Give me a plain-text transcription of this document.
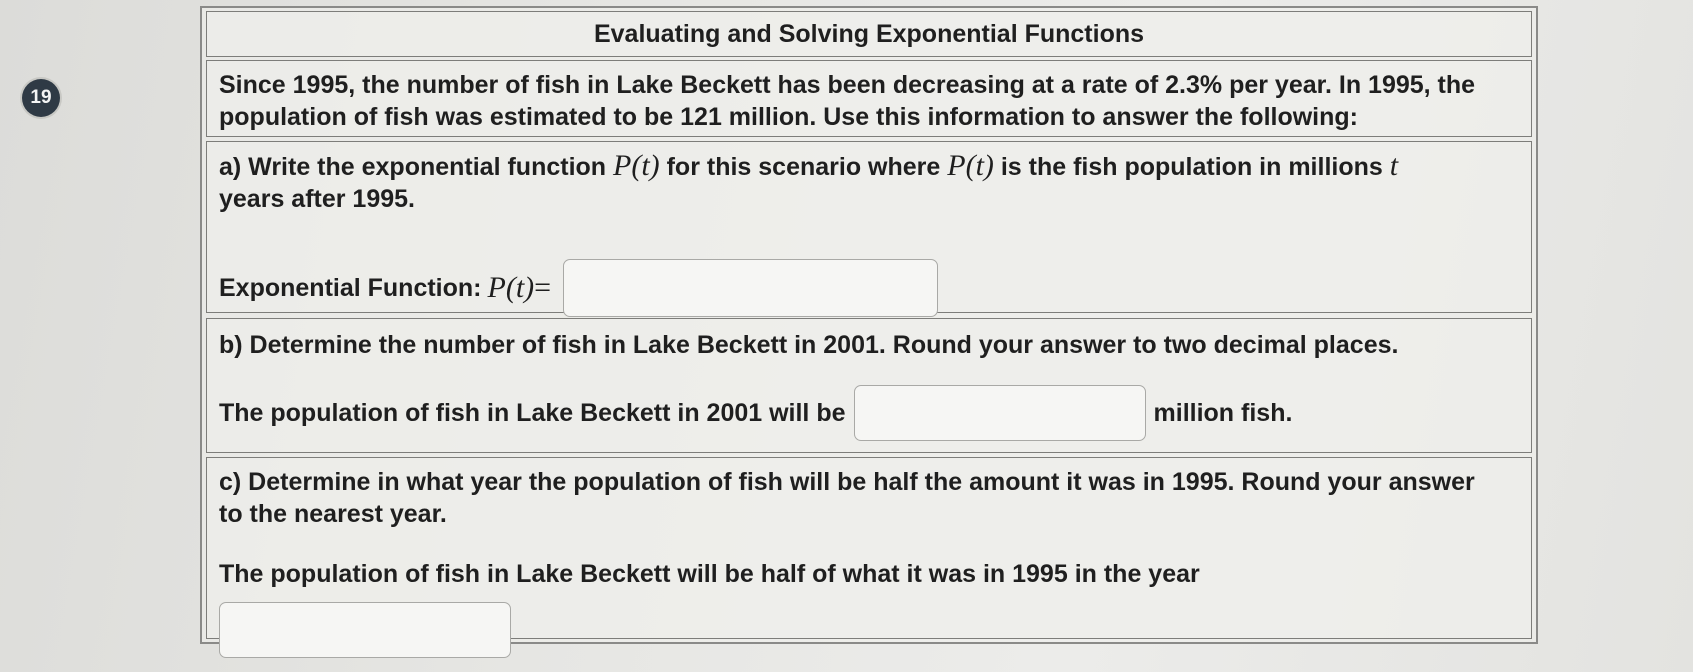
19
Evaluating and Solving Exponential Functions

Since 1995, the number of fish in Lake Beckett has been decreasing at a rate of 2.3% per year. In 1995, the

population of fish was estimated to be 121 million. Use this information to answer the following:

a) Write the exponential function P(t) for this scenario where P(t) is the fish population in millions t

years after 1995.

Exponential Function: P(t) =

b) Determine the number of fish in Lake Beckett in 2001. Round your answer to two decimal places.

The population of fish in Lake Beckett in 2001 will be	million fish.

c) Determine in what year the population of fish will be half the amount it was in 1995. Round your answer

to the nearest year.

The population of fish in Lake Beckett will be half of what it was in 1995 in the year
